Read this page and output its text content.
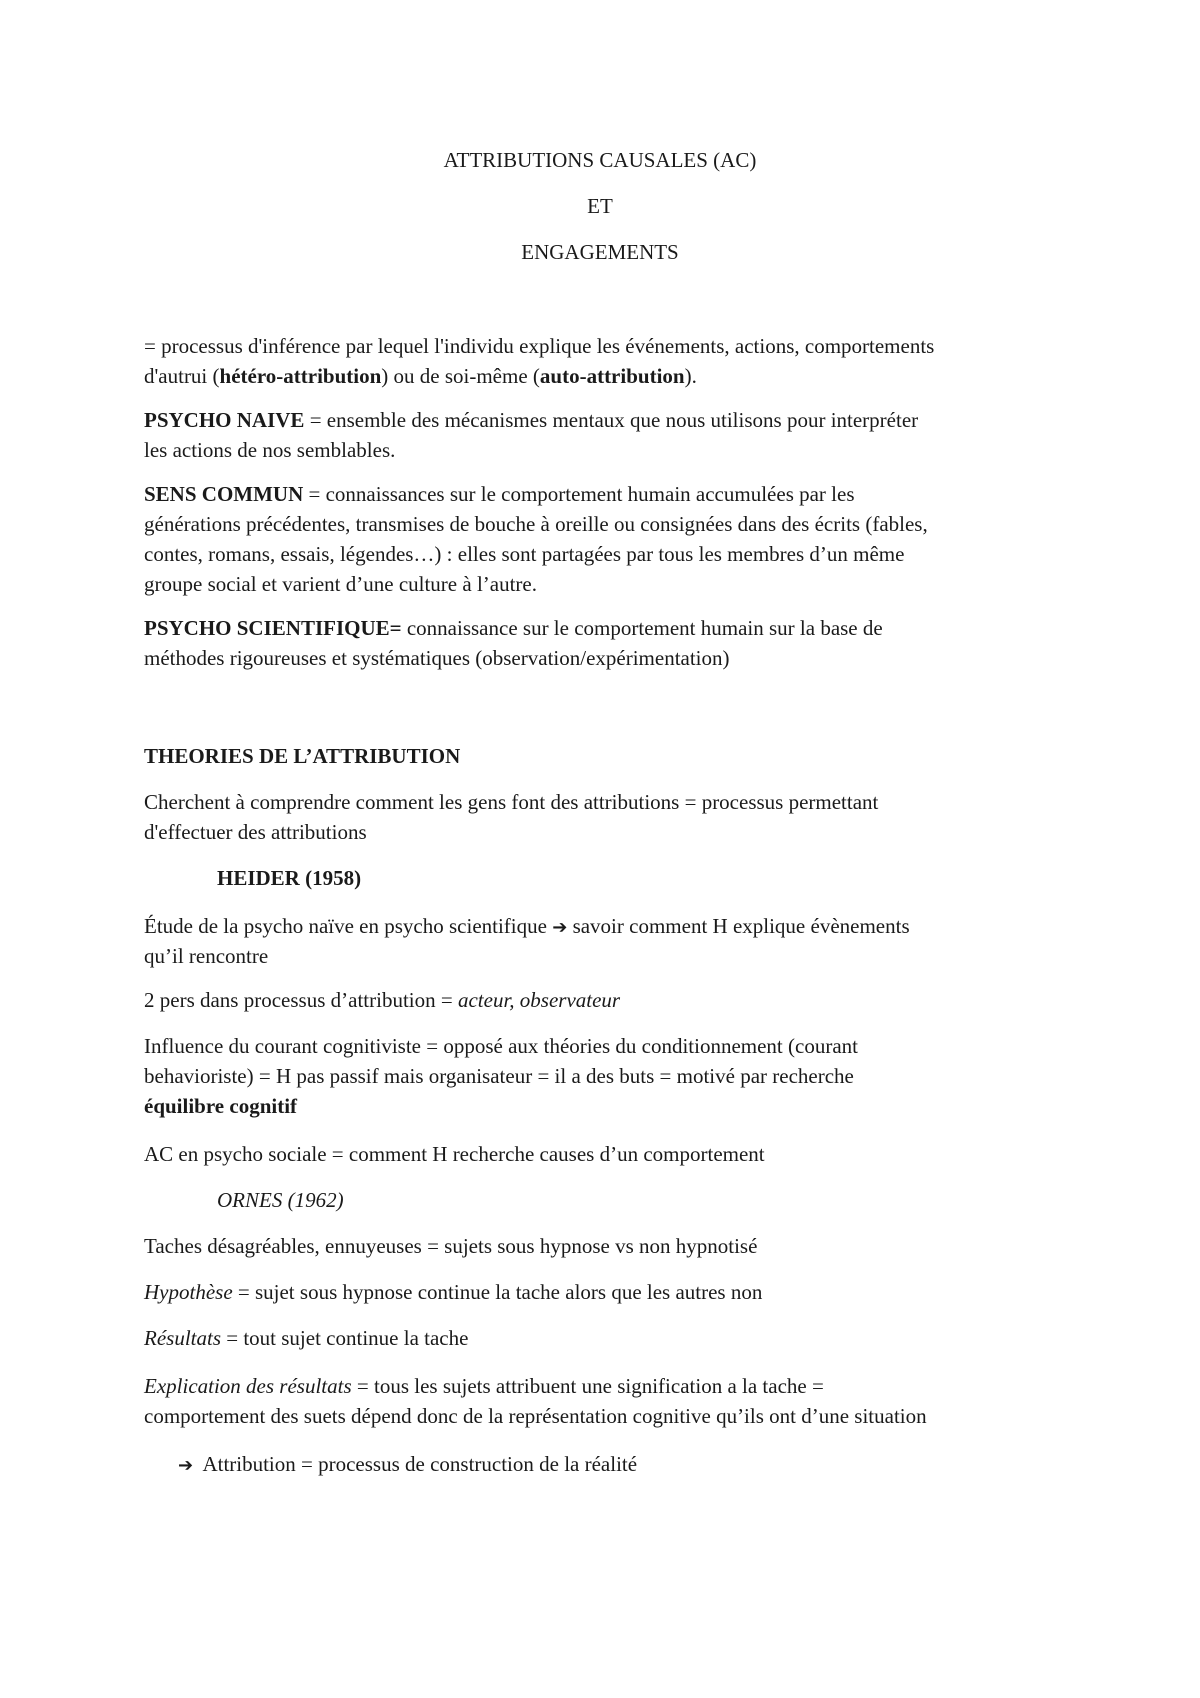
ATTRIBUTIONS CAUSALES (AC)
ET
ENGAGEMENTS
= processus d'inférence par lequel l'individu explique les événements, actions, comportements
d'autrui (hétéro-attribution) ou de soi-même (auto-attribution).
PSYCHO NAIVE = ensemble des mécanismes mentaux que nous utilisons pour interpréter
les actions de nos semblables.
SENS COMMUN = connaissances sur le comportement humain accumulées par les
générations précédentes, transmises de bouche à oreille ou consignées dans des écrits (fables,
contes, romans, essais, légendes…) : elles sont partagées par tous les membres d’un même
groupe social et varient d’une culture à l’autre.
PSYCHO SCIENTIFIQUE= connaissance sur le comportement humain sur la base de
méthodes rigoureuses et systématiques (observation/expérimentation)
THEORIES DE L’ATTRIBUTION
Cherchent à comprendre comment les gens font des attributions = processus permettant
d'effectuer des attributions
HEIDER (1958)
Étude de la psycho naïve en psycho scientifique ➔ savoir comment H explique évènements
qu’il rencontre
2 pers dans processus d’attribution = acteur, observateur
Influence du courant cognitiviste = opposé aux théories du conditionnement (courant
behavioriste) = H pas passif mais organisateur = il a des buts = motivé par recherche
équilibre cognitif
AC en psycho sociale = comment H recherche causes d’un comportement
ORNES (1962)
Taches désagréables, ennuyeuses = sujets sous hypnose vs non hypnotisé
Hypothèse = sujet sous hypnose continue la tache alors que les autres non
Résultats = tout sujet continue la tache
Explication des résultats = tous les sujets attribuent une signification a la tache =
comportement des suets dépend donc de la représentation cognitive qu’ils ont d’une situation
➔ Attribution = processus de construction de la réalité
